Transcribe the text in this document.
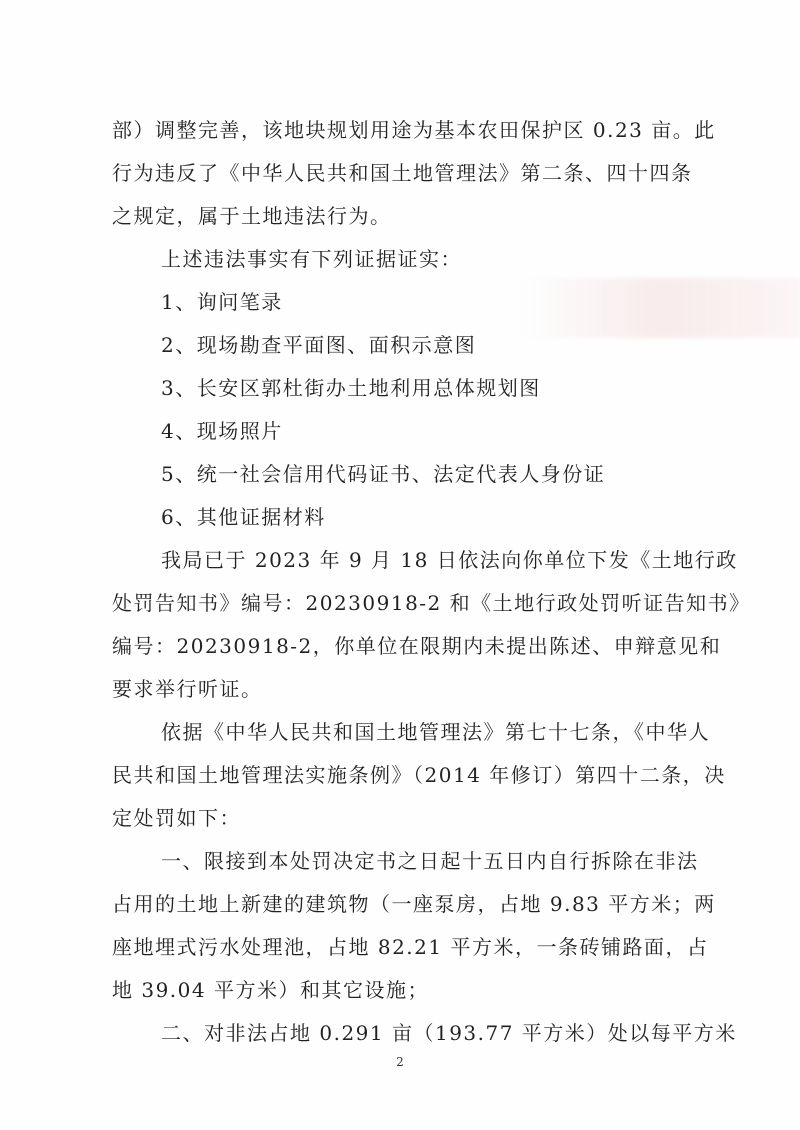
部）调整完善，该地块规划用途为基本农田保护区 0.23 亩。此
行为违反了《中华人民共和国土地管理法》第二条、四十四条
之规定，属于土地违法行为。
上述违法事实有下列证据证实：
1、询问笔录
2、现场勘查平面图、面积示意图
3、长安区郭杜街办土地利用总体规划图
4、现场照片
5、统一社会信用代码证书、法定代表人身份证
6、其他证据材料
我局已于 2023 年 9 月 18 日依法向你单位下发《土地行政
处罚告知书》编号：20230918-2 和《土地行政处罚听证告知书》
编号：20230918-2，你单位在限期内未提出陈述、申辩意见和
要求举行听证。
依据《中华人民共和国土地管理法》第七十七条，《中华人
民共和国土地管理法实施条例》（2014 年修订）第四十二条，决
定处罚如下：
一、限接到本处罚决定书之日起十五日内自行拆除在非法
占用的土地上新建的建筑物（一座泵房，占地 9.83 平方米；两
座地埋式污水处理池，占地 82.21 平方米，一条砖铺路面，占
地 39.04 平方米）和其它设施；
二、对非法占地 0.291 亩（193.77 平方米）处以每平方米
2
